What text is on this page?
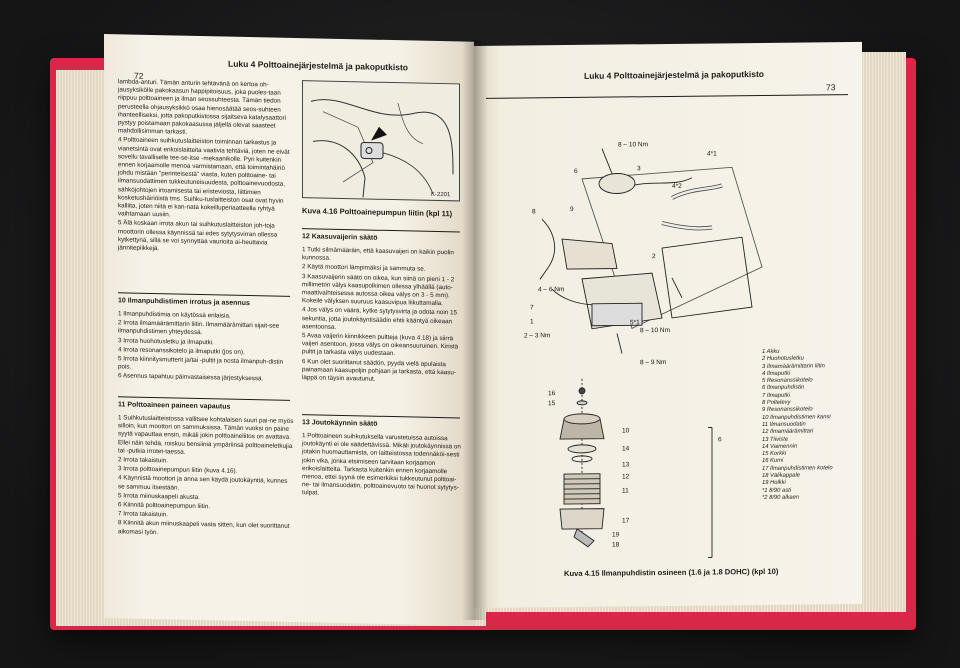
Luku 4 Polttoainejärjestelmä ja pakoputkisto
72

lambda-anturi. Tämän anturin tehtävänä on kertoa oh-jausyksikölle pakokaasun happipitoisuus, joka puoles-taan riippuu polttoaineen ja ilman seossuhteesta. Tämän tiedon perusteella ohjausyksikkö osaa hienosäätää seos-suhteen ihanteelliseksi, jotta pakoputkistossa sijaitseva katalysaattori pystyy poistamaan pakokaasussa jäljellä olevat saasteet mahdollisimman tarkasti.

4 Polttoaineen suihkutuslaitteiston toiminnan tarkastus ja vianetsintä ovat erikoislaitteita vaativia tehtäviä, joten ne eivät sovellu tavalliselle tee-se-itse -mekaanikolle. Pyri kuitenkin ennen korjaamolle menoa varmistamaan, että toimintahäiriö johdu mistään "perinteisestä" viasta, kuten polttoaine- tai ilmansuodattimen tukkeutuneisuudesta, polttoainevuodosta, sähköjohtojen irtoamisesta tai eristeviosta, liittimien kosketushäiriöistä tms. Suihku-tuslaitteiston osat ovat hyvin kalliita, joten niitä ei kan-nata kokeilluperiaatteella ryhtyä vaihtamaan uusiin.

5 Älä koskaan irrota akun tai suihkutuslaitteiston joh-toja moottorin ollessa käynnissä tai edes sytytysvirran ollessa kytkettynä, sillä se voi synnyttää vaurioita ai-heuttavia jännitepiikkejä.

10 Ilmanpuhdistimen irrotus ja asennus

1 Ilmanpuhdistimia on käytössä erilaisia.

2 Irrota ilmamäärämittarin liitin. Ilmamäärämittari sijait-see ilmanpuhdistimen yhteydessä.

3 Irrota huohotusletku ja ilmaputki.

4 Irrota resonanssikotelo ja ilmaputki (jos on).

5 Irrota kiinnitysmutterit ja/tai -pultit ja nosta ilmanpuh-distin pois.

6 Asennus tapahtuu päinvastaisessa järjestyksessä.

11 Polttoaineen paineen vapautus

1 Suihkutuslaitteistossa vallitsee kohtalaisen suuri pai-ne myös silloin, kun moottori on sammuksissa. Tämän vuoksi on paine syytä vapauttaa ensin, mikäli jokin polttoaineliitos on avattava. Ellei näin tehdä, roiskuu bensiiniä ympäriinsä polttoaineletkujia tai -putkia irrotet-taessa.

2 Irrota takaistuin.

3 Irrota polttoainepumpun liitin (kuva 4.16).

4 Käynnistä moottori ja anna sen käydä joutokäyntiä, kunnes se sammuu itsestään.

5 Irrota miinuskaapeli akusta.

6 Kiinnitä polttoainepumpun liitin.

7 Irrota takaistuin.

8 Kiinnitä akun miinuskaapeli vasta sitten, kun olet suorittanut aikomasi työn.

K-2201
Kuva 4.16 Polttoainepumpun liitin (kpl 11)
12 Kaasuvaijerin säätö

1 Tutki silmämääräin, että kaasuvaijeri on kaikin puolin kunnossa.

2 Käytä moottori lämpimäksi ja sammuta se.

3 Kaasuvaijerin säätö on oikea, kun siinä on pieni 1 - 2 millimetrin välys kaasupolkimen ollessa ylhäällä (auto-maattivaihteisessa autossa oikea välys on 3 - 5 mm). Kokeile välyksen suuruus kaasuvipua liikuttamalla.

4 Jos välys on väärä, kytke sytytysvirta ja odota noin 15 sekuntia, jotta joutokäyntisäädin ehtii kääntyä oikeaan asentoonsa.

5 Avaa vaijerin kiinnikkeen pultteja (kuva 4.18) ja siirrä vaijeri asentoon, jossa välys on oikeansuuruinen. Kiristä pultit ja tarkasta välys uudestaan.

6 Kun olet suorittanut säädön, pyydä vielä apulaista painamaan kaasupoljin pohjaan ja tarkasta, että kaasu-läppä on täysin avautunut.

13 Joutokäynnin säätö

1 Polttoaineen suihkutuksella varustetuissa autoissa joutokäynti ei ole säädettävissä. Mikäli joutokäynnissä on jotakin huomauttamista, on laitteistossa todennäköi-sesti jokin vika, jonka etsimiseen tarvitaan korjaamon erikoislaitteita. Tarkasta kuitenkin ennen korjaamolle menoa, ettei syynä ole esimerkiksi tukkeutunut polttoai-ne- tai ilmansuodatin, polttoainevuoto tai huonot sytytys-tulpat.

Luku 4 Polttoainejärjestelmä ja pakoputkisto
73
8 – 10 Nm
6	3
4*1
4*2
8	9
2
4 – 6 Nm
7
1
2 – 3 Nm
5*1
8 – 10 Nm
8 – 9 Nm
16
15
10
14
13
12
11
17
19
18
6
1 Akku
2 Huohotusletku
3 Ilmamäärämittarin liitin
4 Ilmaputki
5 Resonanssikotelo
6 Ilmanpuhdistin
7 Ilmaputki
8 Poltelevy
9 Resonanssikotelo
10 Ilmanpuhdistimen kansi
11 Ilmansuodatin
12 Ilmamäärämittari
13 Tiiviste
14 Vaimennin
15 Korkki
16 Kumi
17 Ilmanpuhdistimen kotelo
18 Välikappale
19 Holkki
*1 8/90 asti
*2 8/90 alkaen
Kuva 4.15 Ilmanpuhdistin osineen (1.6 ja 1.8 DOHC) (kpl 10)
